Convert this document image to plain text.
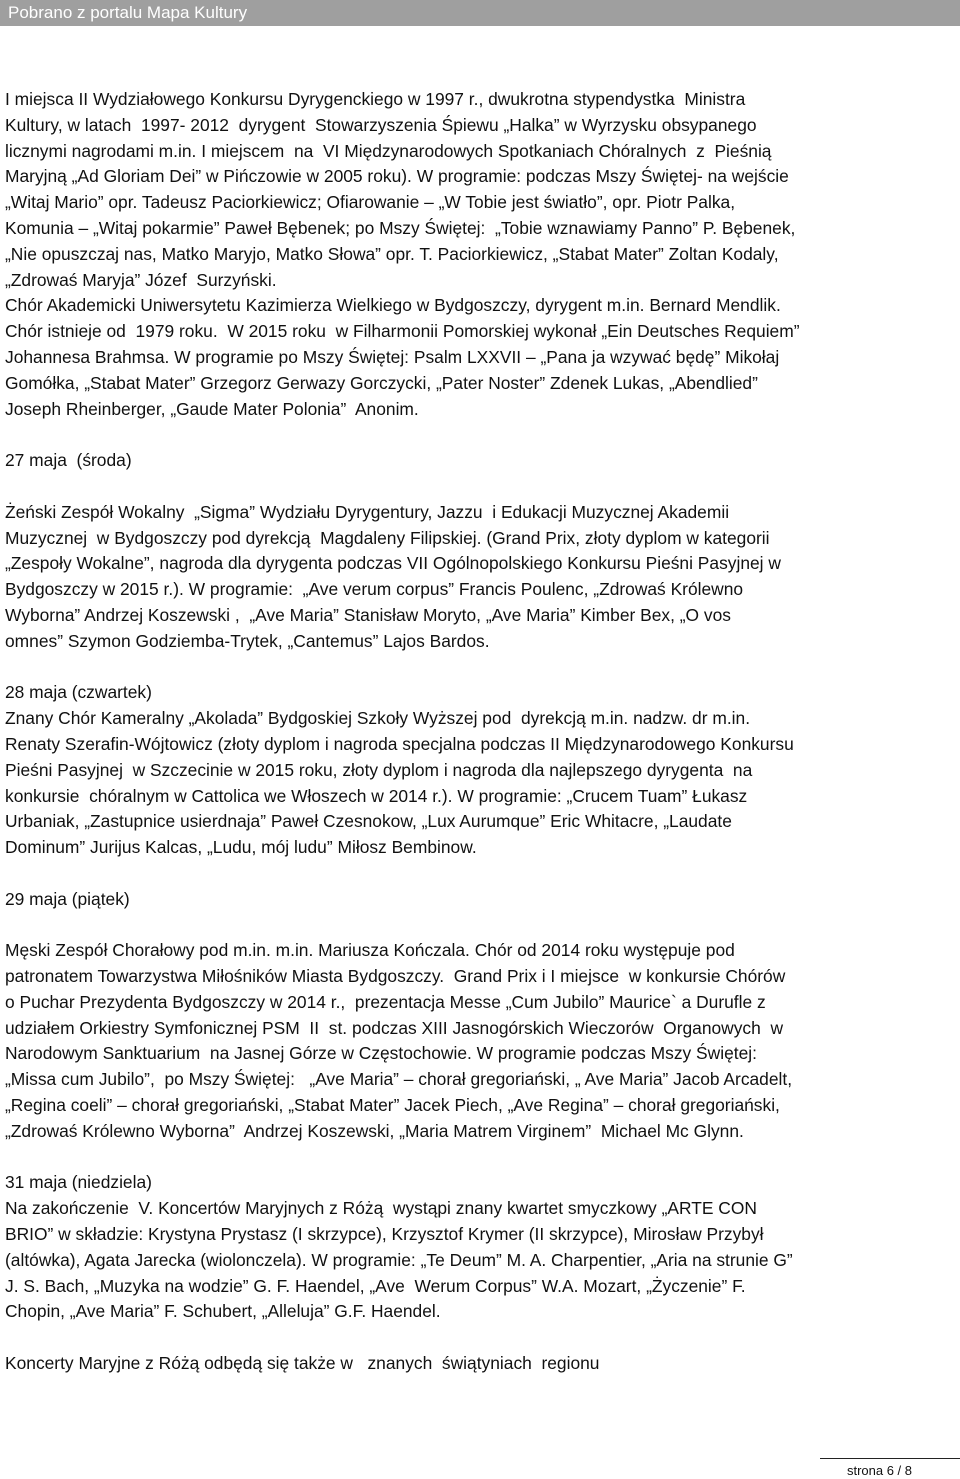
Pobrano z portalu Mapa Kultury

I miejsca II Wydziałowego Konkursu Dyrygenckiego w 1997 r., dwukrotna stypendystka  Ministra

Kultury, w latach  1997- 2012  dyrygent  Stowarzyszenia Śpiewu „Halka” w Wyrzysku obsypanego

licznymi nagrodami m.in. I miejscem  na  VI Międzynarodowych Spotkaniach Chóralnych  z  Pieśnią

Maryjną „Ad Gloriam Dei” w Pińczowie w 2005 roku). W programie: podczas Mszy Świętej- na wejście

„Witaj Mario” opr. Tadeusz Paciorkiewicz; Ofiarowanie – „W Tobie jest światło”, opr. Piotr Palka,

Komunia – „Witaj pokarmie” Paweł Bębenek; po Mszy Świętej:  „Tobie wznawiamy Panno” P. Bębenek,

„Nie opuszczaj nas, Matko Maryjo, Matko Słowa” opr. T. Paciorkiewicz, „Stabat Mater” Zoltan Kodaly,

„Zdrowaś Maryja” Józef  Surzyński.

Chór Akademicki Uniwersytetu Kazimierza Wielkiego w Bydgoszczy, dyrygent m.in. Bernard Mendlik.

Chór istnieje od  1979 roku.  W 2015 roku  w Filharmonii Pomorskiej wykonał „Ein Deutsches Requiem”

Johannesa Brahmsa. W programie po Mszy Świętej: Psalm LXXVII – „Pana ja wzywać będę” Mikołaj

Gomółka, „Stabat Mater” Grzegorz Gerwazy Gorczycki, „Pater Noster” Zdenek Lukas, „Abendlied”

Joseph Rheinberger, „Gaude Mater Polonia”  Anonim.

27 maja  (środa)

Żeński Zespół Wokalny  „Sigma” Wydziału Dyrygentury, Jazzu  i Edukacji Muzycznej Akademii

Muzycznej  w Bydgoszczy pod dyrekcją  Magdaleny Filipskiej. (Grand Prix, złoty dyplom w kategorii

„Zespoły Wokalne”, nagroda dla dyrygenta podczas VII Ogólnopolskiego Konkursu Pieśni Pasyjnej w

Bydgoszczy w 2015 r.). W programie:  „Ave verum corpus” Francis Poulenc, „Zdrowaś Królewno

Wyborna” Andrzej Koszewski ,  „Ave Maria” Stanisław Moryto, „Ave Maria” Kimber Bex, „O vos

omnes” Szymon Godziemba-Trytek, „Cantemus” Lajos Bardos.

28 maja (czwartek)

Znany Chór Kameralny „Akolada” Bydgoskiej Szkoły Wyższej pod  dyrekcją m.in. nadzw. dr m.in.

Renaty Szerafin-Wójtowicz (złoty dyplom i nagroda specjalna podczas II Międzynarodowego Konkursu

Pieśni Pasyjnej  w Szczecinie w 2015 roku, złoty dyplom i nagroda dla najlepszego dyrygenta  na

konkursie  chóralnym w Cattolica we Włoszech w 2014 r.). W programie: „Crucem Tuam” Łukasz

Urbaniak, „Zastupnice usierdnaja” Paweł Czesnokow, „Lux Aurumque” Eric Whitacre, „Laudate

Dominum” Jurijus Kalcas, „Ludu, mój ludu” Miłosz Bembinow.

29 maja (piątek)

Męski Zespół Chorałowy pod m.in. m.in. Mariusza Kończala. Chór od 2014 roku występuje pod

patronatem Towarzystwa Miłośników Miasta Bydgoszczy.  Grand Prix i I miejsce  w konkursie Chórów

o Puchar Prezydenta Bydgoszczy w 2014 r.,  prezentacja Messe „Cum Jubilo” Maurice` a Durufle z

udziałem Orkiestry Symfonicznej PSM  II  st. podczas XIII Jasnogórskich Wieczorów  Organowych  w

Narodowym Sanktuarium  na Jasnej Górze w Częstochowie. W programie podczas Mszy Świętej:

„Missa cum Jubilo”,  po Mszy Świętej:   „Ave Maria” – chorał gregoriański, „ Ave Maria” Jacob Arcadelt,

„Regina coeli” – chorał gregoriański, „Stabat Mater” Jacek Piech, „Ave Regina” – chorał gregoriański,

„Zdrowaś Królewno Wyborna”  Andrzej Koszewski, „Maria Matrem Virginem”  Michael Mc Glynn.

31 maja (niedziela)

Na zakończenie  V. Koncertów Maryjnych z Różą  wystąpi znany kwartet smyczkowy „ARTE CON

BRIO” w składzie: Krystyna Prystasz (I skrzypce), Krzysztof Krymer (II skrzypce), Mirosław Przybył

(altówka), Agata Jarecka (wiolonczela). W programie: „Te Deum” M. A. Charpentier, „Aria na strunie G”

J. S. Bach, „Muzyka na wodzie” G. F. Haendel, „Ave  Werum Corpus” W.A. Mozart, „Życzenie” F.

Chopin, „Ave Maria” F. Schubert, „Alleluja” G.F. Haendel.

Koncerty Maryjne z Różą odbędą się także w   znanych  świątyniach  regionu

strona 6 / 8
